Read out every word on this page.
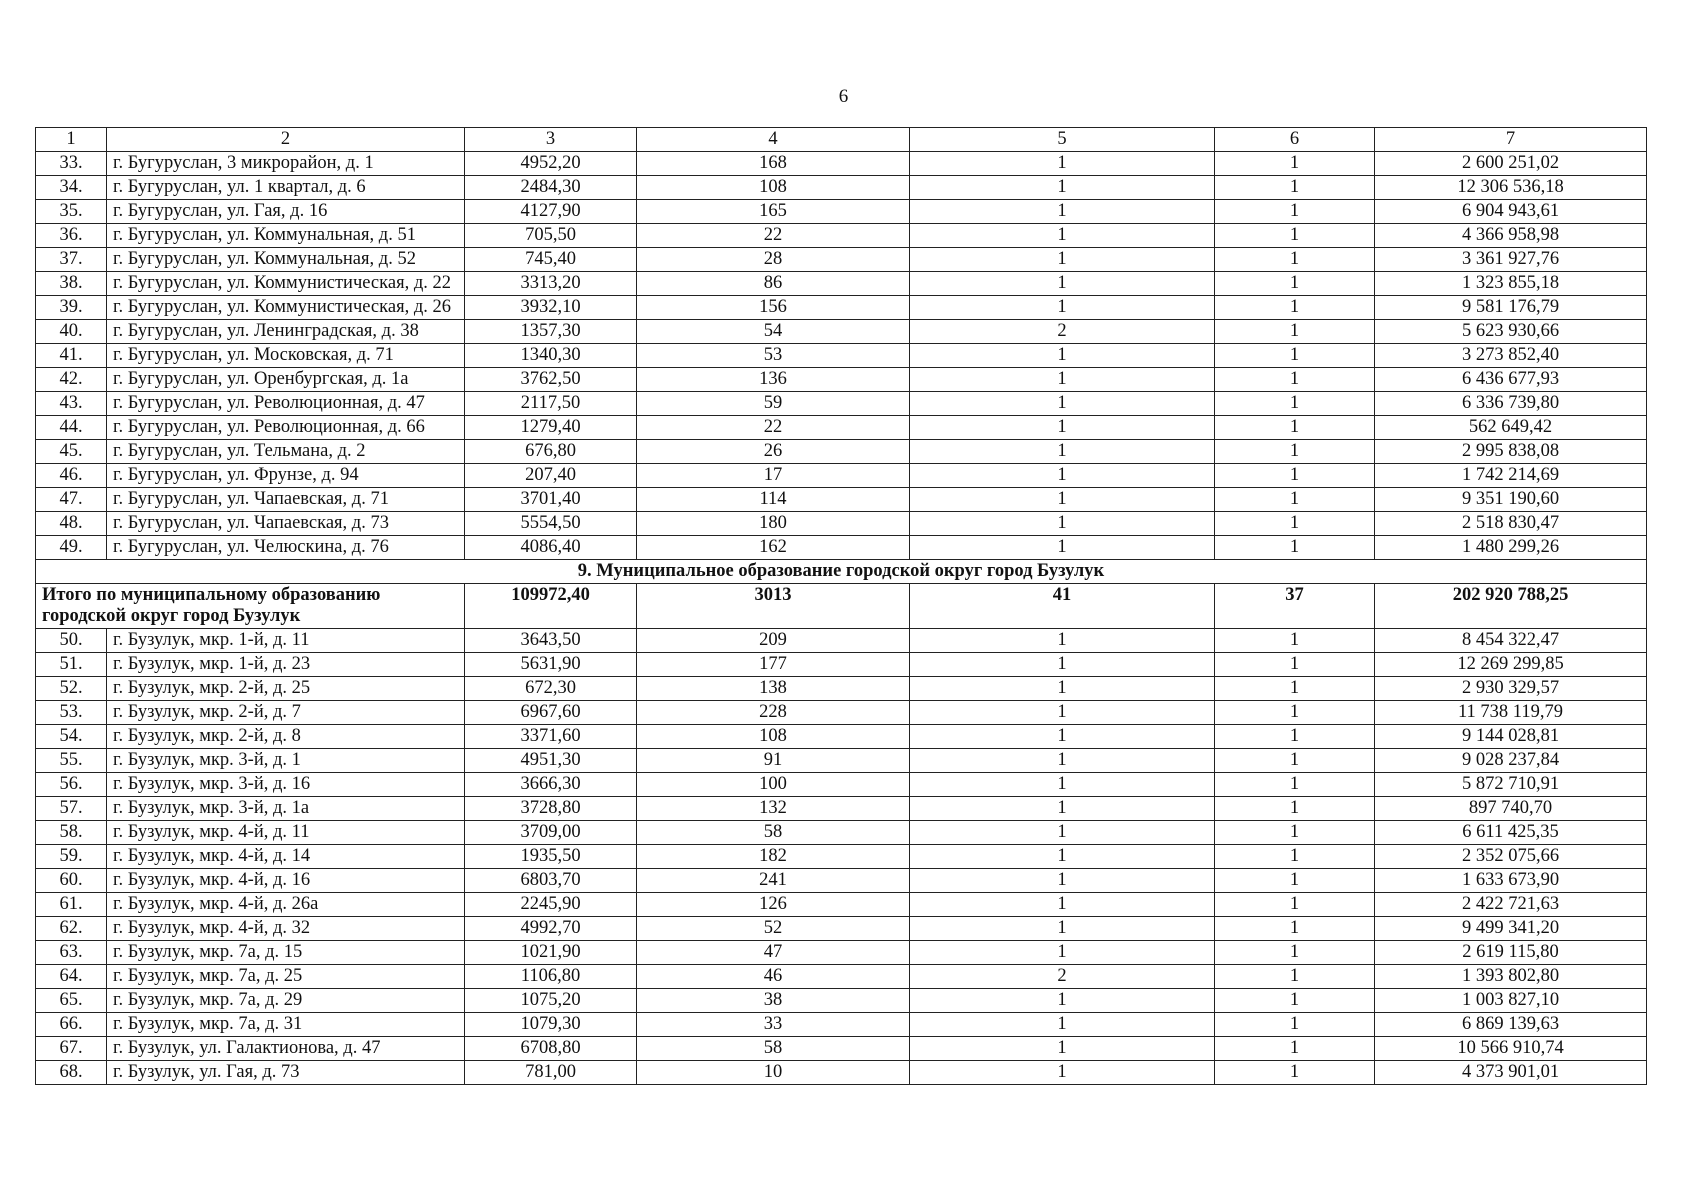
6
1	2	3	4	5	6	7
33.	г. Бугуруслан, 3 микрорайон, д. 1	4952,20	168	1	1	2 600 251,02
34.	г. Бугуруслан, ул. 1 квартал, д. 6	2484,30	108	1	1	12 306 536,18
35.	г. Бугуруслан, ул. Гая, д. 16	4127,90	165	1	1	6 904 943,61
36.	г. Бугуруслан, ул. Коммунальная, д. 51	705,50	22	1	1	4 366 958,98
37.	г. Бугуруслан, ул. Коммунальная, д. 52	745,40	28	1	1	3 361 927,76
38.	г. Бугуруслан, ул. Коммунистическая, д. 22	3313,20	86	1	1	1 323 855,18
39.	г. Бугуруслан, ул. Коммунистическая, д. 26	3932,10	156	1	1	9 581 176,79
40.	г. Бугуруслан, ул. Ленинградская, д. 38	1357,30	54	2	1	5 623 930,66
41.	г. Бугуруслан, ул. Московская, д. 71	1340,30	53	1	1	3 273 852,40
42.	г. Бугуруслан, ул. Оренбургская, д. 1а	3762,50	136	1	1	6 436 677,93
43.	г. Бугуруслан, ул. Революционная, д. 47	2117,50	59	1	1	6 336 739,80
44.	г. Бугуруслан, ул. Революционная, д. 66	1279,40	22	1	1	562 649,42
45.	г. Бугуруслан, ул. Тельмана, д. 2	676,80	26	1	1	2 995 838,08
46.	г. Бугуруслан, ул. Фрунзе, д. 94	207,40	17	1	1	1 742 214,69
47.	г. Бугуруслан, ул. Чапаевская, д. 71	3701,40	114	1	1	9 351 190,60
48.	г. Бугуруслан, ул. Чапаевская, д. 73	5554,50	180	1	1	2 518 830,47
49.	г. Бугуруслан, ул. Челюскина, д. 76	4086,40	162	1	1	1 480 299,26
9. Муниципальное образование городской округ город Бузулук						
Итого по муниципальному образованию городской округ город Бузулук		109972,40	3013	41	37	202 920 788,25
50.	г. Бузулук, мкр. 1-й, д. 11	3643,50	209	1	1	8 454 322,47
51.	г. Бузулук, мкр. 1-й, д. 23	5631,90	177	1	1	12 269 299,85
52.	г. Бузулук, мкр. 2-й, д. 25	672,30	138	1	1	2 930 329,57
53.	г. Бузулук, мкр. 2-й, д. 7	6967,60	228	1	1	11 738 119,79
54.	г. Бузулук, мкр. 2-й, д. 8	3371,60	108	1	1	9 144 028,81
55.	г. Бузулук, мкр. 3-й, д. 1	4951,30	91	1	1	9 028 237,84
56.	г. Бузулук, мкр. 3-й, д. 16	3666,30	100	1	1	5 872 710,91
57.	г. Бузулук, мкр. 3-й, д. 1а	3728,80	132	1	1	897 740,70
58.	г. Бузулук, мкр. 4-й, д. 11	3709,00	58	1	1	6 611 425,35
59.	г. Бузулук, мкр. 4-й, д. 14	1935,50	182	1	1	2 352 075,66
60.	г. Бузулук, мкр. 4-й, д. 16	6803,70	241	1	1	1 633 673,90
61.	г. Бузулук, мкр. 4-й, д. 26а	2245,90	126	1	1	2 422 721,63
62.	г. Бузулук, мкр. 4-й, д. 32	4992,70	52	1	1	9 499 341,20
63.	г. Бузулук, мкр. 7а, д. 15	1021,90	47	1	1	2 619 115,80
64.	г. Бузулук, мкр. 7а, д. 25	1106,80	46	2	1	1 393 802,80
65.	г. Бузулук, мкр. 7а, д. 29	1075,20	38	1	1	1 003 827,10
66.	г. Бузулук, мкр. 7а, д. 31	1079,30	33	1	1	6 869 139,63
67.	г. Бузулук, ул. Галактионова, д. 47	6708,80	58	1	1	10 566 910,74
68.	г. Бузулук, ул. Гая, д. 73	781,00	10	1	1	4 373 901,01
